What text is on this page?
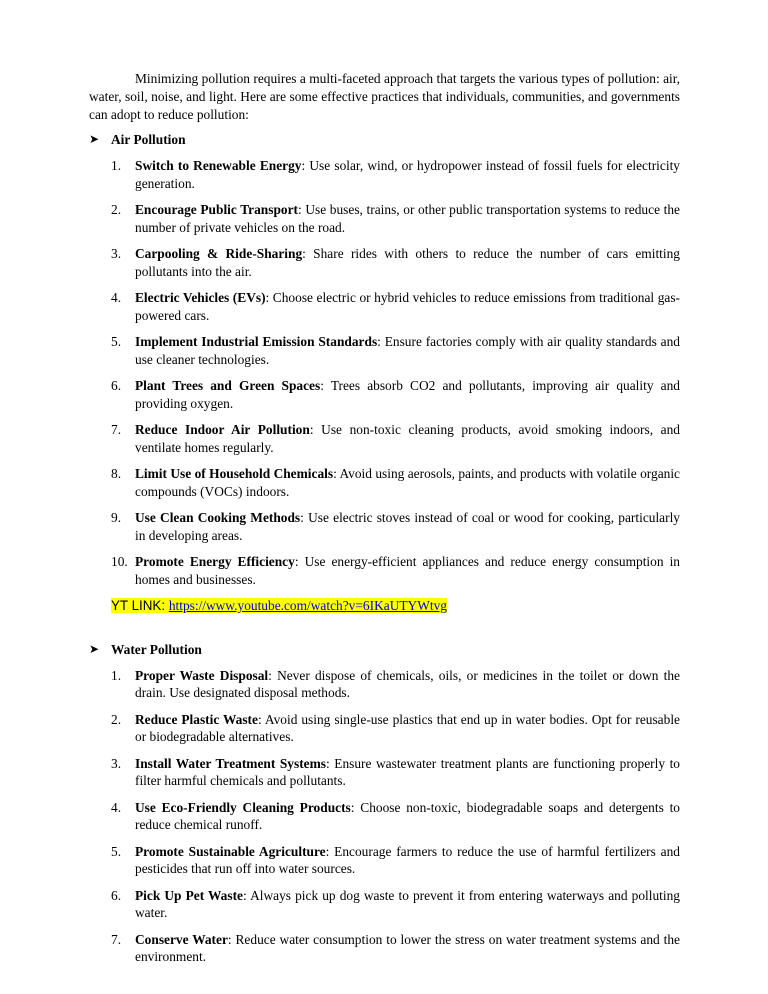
Minimizing pollution requires a multi-faceted approach that targets the various types of pollution: air, water, soil, noise, and light. Here are some effective practices that individuals, communities, and governments can adopt to reduce pollution:

➤ Air Pollution
1. Switch to Renewable Energy: Use solar, wind, or hydropower instead of fossil fuels for electricity generation.
2. Encourage Public Transport: Use buses, trains, or other public transportation systems to reduce the number of private vehicles on the road.
3. Carpooling & Ride-Sharing: Share rides with others to reduce the number of cars emitting pollutants into the air.
4. Electric Vehicles (EVs): Choose electric or hybrid vehicles to reduce emissions from traditional gas-powered cars.
5. Implement Industrial Emission Standards: Ensure factories comply with air quality standards and use cleaner technologies.
6. Plant Trees and Green Spaces: Trees absorb CO2 and pollutants, improving air quality and providing oxygen.
7. Reduce Indoor Air Pollution: Use non-toxic cleaning products, avoid smoking indoors, and ventilate homes regularly.
8. Limit Use of Household Chemicals: Avoid using aerosols, paints, and products with volatile organic compounds (VOCs) indoors.
9. Use Clean Cooking Methods: Use electric stoves instead of coal or wood for cooking, particularly in developing areas.
10. Promote Energy Efficiency: Use energy-efficient appliances and reduce energy consumption in homes and businesses.
YT LINK: https://www.youtube.com/watch?v=6IKaUTYWtvg
➤ Water Pollution
1. Proper Waste Disposal: Never dispose of chemicals, oils, or medicines in the toilet or down the drain. Use designated disposal methods.
2. Reduce Plastic Waste: Avoid using single-use plastics that end up in water bodies. Opt for reusable or biodegradable alternatives.
3. Install Water Treatment Systems: Ensure wastewater treatment plants are functioning properly to filter harmful chemicals and pollutants.
4. Use Eco-Friendly Cleaning Products: Choose non-toxic, biodegradable soaps and detergents to reduce chemical runoff.
5. Promote Sustainable Agriculture: Encourage farmers to reduce the use of harmful fertilizers and pesticides that run off into water sources.
6. Pick Up Pet Waste: Always pick up dog waste to prevent it from entering waterways and polluting water.
7. Conserve Water: Reduce water consumption to lower the stress on water treatment systems and the environment.
